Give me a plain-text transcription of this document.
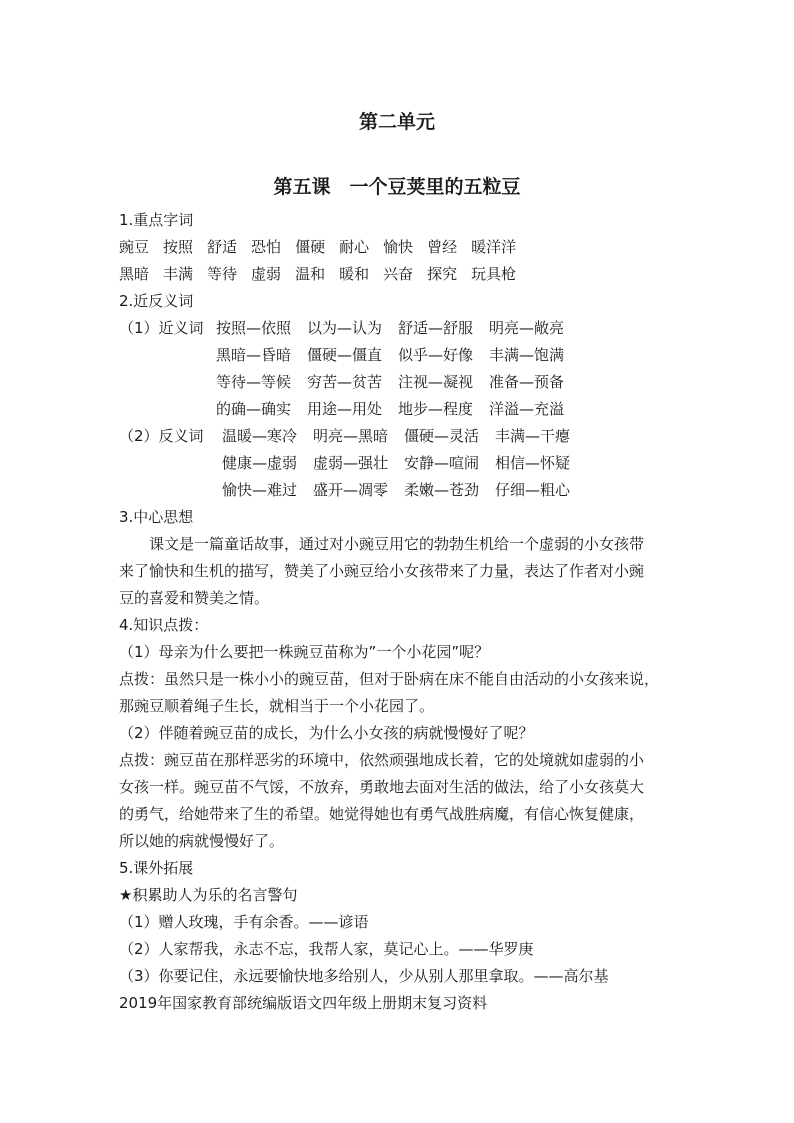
第二单元
第五课　一个豆荚里的五粒豆
1.重点字词
豌豆 按照 舒适 恐怕 僵硬 耐心 愉快 曾经 暖洋洋
黑暗 丰满 等待 虚弱 温和 暖和 兴奋 探究 玩具枪
2.近反义词
（1）近义词 按照—依照 以为—认为 舒适—舒服 明亮—敞亮
黑暗—昏暗 僵硬—僵直 似乎—好像 丰满—饱满
等待—等候 穷苦—贫苦 注视—凝视 准备—预备
的确—确实 用途—用处 地步—程度 洋溢—充溢
（2）反义词 温暖—寒冷 明亮—黑暗 僵硬—灵活 丰满—干瘪
健康—虚弱 虚弱—强壮 安静—喧闹 相信—怀疑
愉快—难过 盛开—凋零 柔嫩—苍劲 仔细—粗心
3.中心思想
　　课文是一篇童话故事，通过对小豌豆用它的勃勃生机给一个虚弱的小女孩带
来了愉快和生机的描写，赞美了小豌豆给小女孩带来了力量，表达了作者对小豌
豆的喜爱和赞美之情。
4.知识点拨：
（1）母亲为什么要把一株豌豆苗称为”一个小花园”呢？
点拨：虽然只是一株小小的豌豆苗，但对于卧病在床不能自由活动的小女孩来说，
那豌豆顺着绳子生长，就相当于一个小花园了。
（2）伴随着豌豆苗的成长，为什么小女孩的病就慢慢好了呢？
点拨：豌豆苗在那样恶劣的环境中，依然顽强地成长着，它的处境就如虚弱的小
女孩一样。豌豆苗不气馁，不放弃，勇敢地去面对生活的做法，给了小女孩莫大
的勇气，给她带来了生的希望。她觉得她也有勇气战胜病魔，有信心恢复健康，
所以她的病就慢慢好了。
5.课外拓展
★积累助人为乐的名言警句
（1）赠人玫瑰，手有余香。——谚语
（2）人家帮我，永志不忘，我帮人家，莫记心上。——华罗庚
（3）你要记住，永远要愉快地多给别人，少从别人那里拿取。——高尔基
2019年国家教育部统编版语文四年级上册期末复习资料
